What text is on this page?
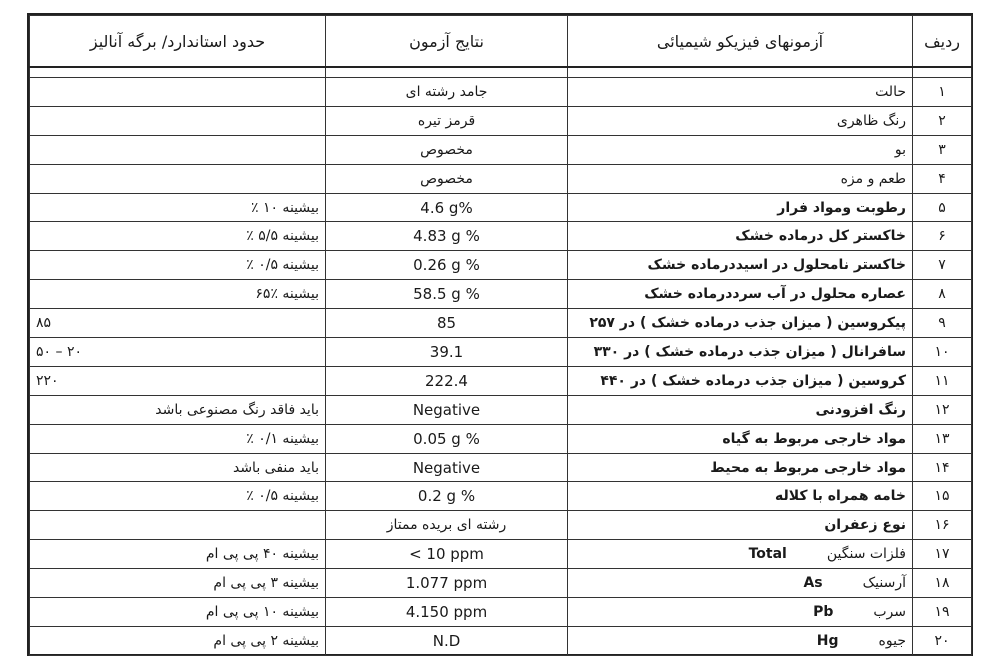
حدود استاندارد/ برگه آنالیز	نتایج آزمون	آزمونهای فیزیکو شیمیائی	ردیف

	جامد رشته ای	حالت	۱
	قرمز تیره	رنگ ظاهری	۲
	مخصوص	بو	۳
	مخصوص	طعم و مزه	۴
بیشینه ۱۰ ٪	4.6 g%	رطوبت ومواد فرار	۵
بیشینه ۵/۵ ٪	4.83 g %	خاکستر کل درماده خشک	۶
بیشینه ۰/۵ ٪	0.26 g %	خاکستر نامحلول در اسیددرماده خشک	۷
بیشینه ٪۶۵	58.5 g %	عصاره محلول در آب سرددرماده خشک	۸
۸۵	85	پیکروسین ( میزان جذب درماده خشک ) در ۲۵۷	۹
۲۰ – ۵۰	39.1	سافرانال ( میزان جذب درماده خشک ) در ۳۳۰	۱۰
۲۲۰	222.4	کروسین ( میزان جذب درماده خشک ) در ۴۴۰	۱۱
باید فاقد رنگ مصنوعی باشد	Negative	رنگ افزودنی	۱۲
بیشینه ۰/۱ ٪	0.05 g %	مواد خارجی مربوط به گیاه	۱۳
باید منفی باشد	Negative	مواد خارجی مربوط به محیط	۱۴
بیشینه ۰/۵ ٪	0.2 g %	خامه همراه با کلاله	۱۵
	رشته ای بریده ممتاز	نوع زعفران	۱۶
بیشینه ۴۰ پی پی ام	< 10 ppm	فلزات سنگینTotal	۱۷
بیشینه ۳ پی پی ام	1.077 ppm	آرسنیکAs	۱۸
بیشینه ۱۰ پی پی ام	4.150 ppm	سربPb	۱۹
بیشینه ۲ پی پی ام	N.D	جیوهHg	۲۰
